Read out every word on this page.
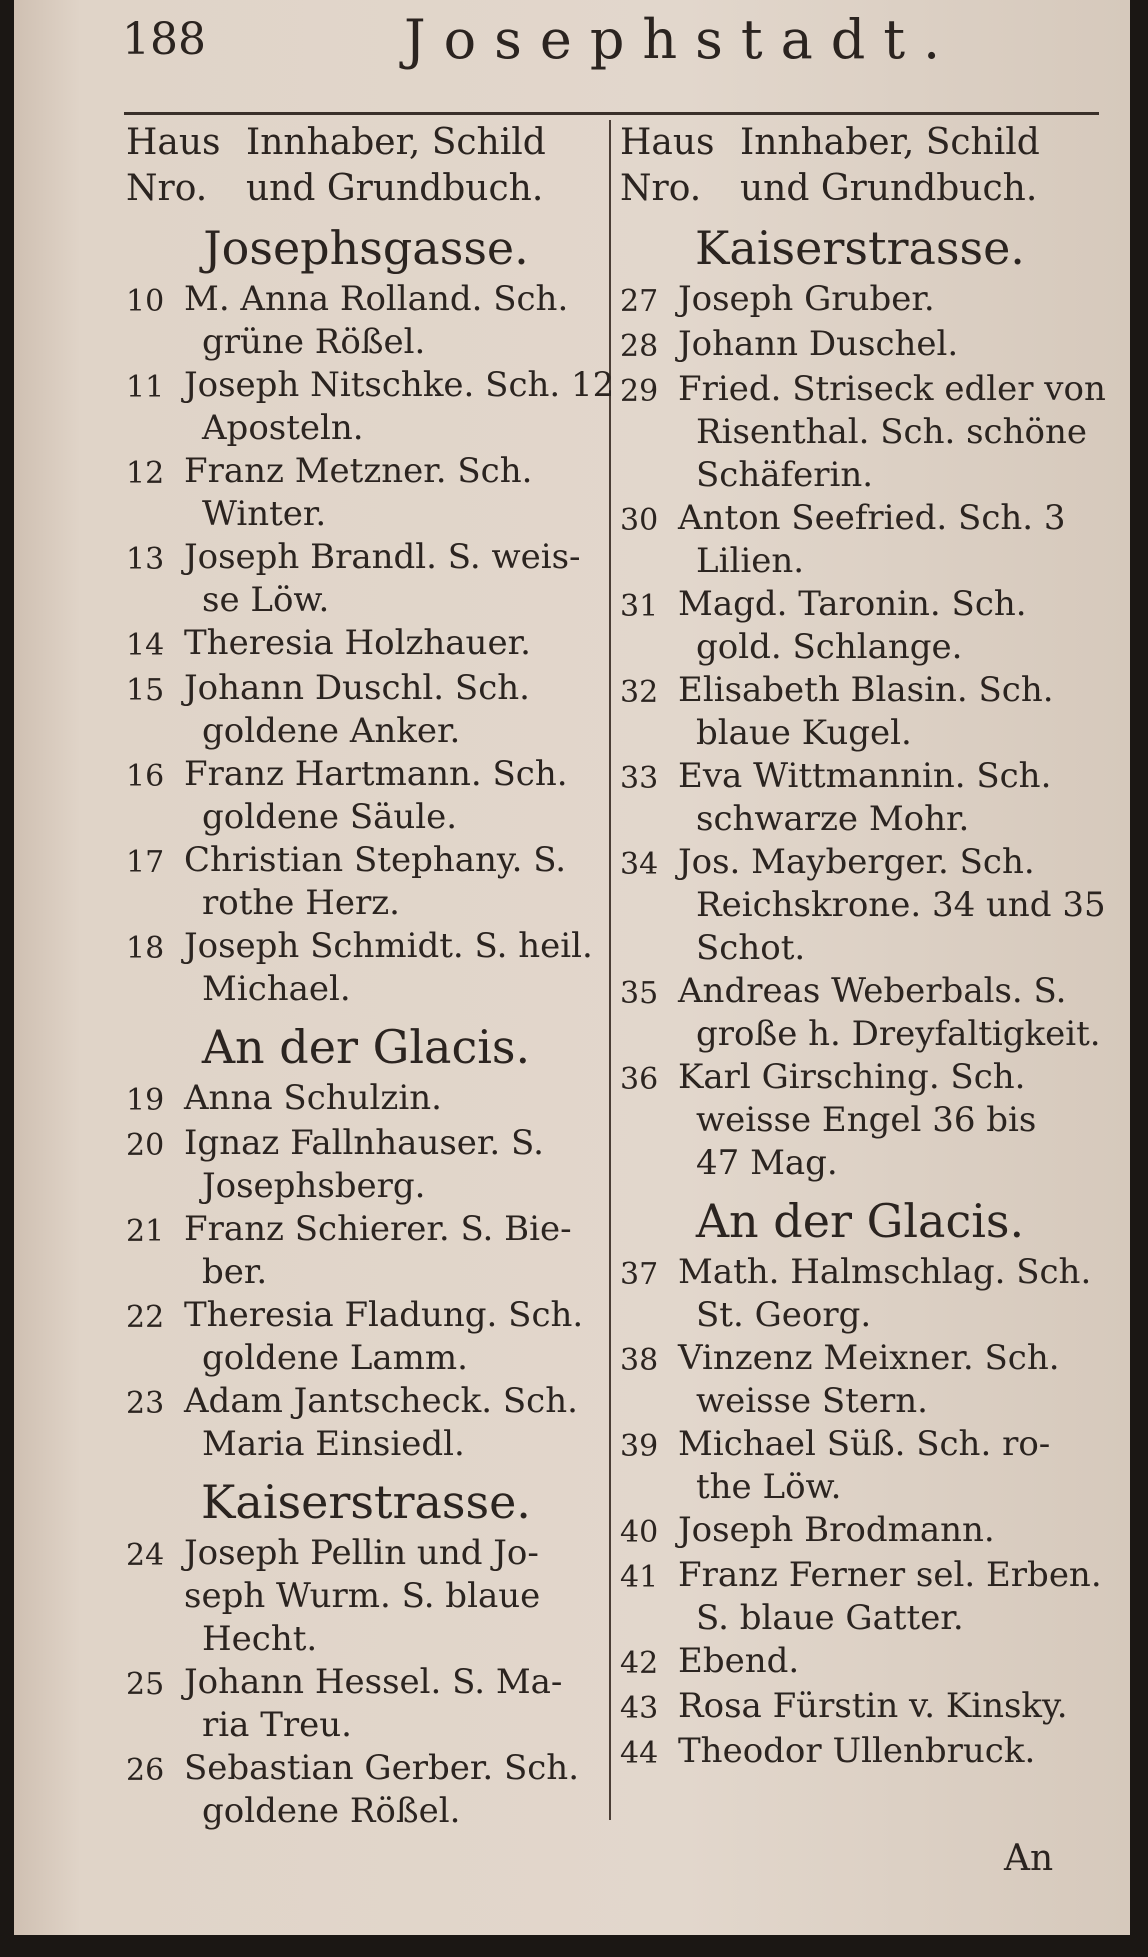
188	Josephstadt.
Haus
Nro.
Innhaber, Schild
und Grundbuch.
Josephsgasse.
10 M. Anna Rolland. Sch.
grüne Rößel.
11 Joseph Nitschke. Sch. 12
Aposteln.
12 Franz Metzner. Sch.
Winter.
13 Joseph Brandl. S. weis-
se Löw.
14 Theresia Holzhauer.
15 Johann Duschl. Sch.
goldene Anker.
16 Franz Hartmann. Sch.
goldene Säule.
17 Christian Stephany. S.
rothe Herz.
18 Joseph Schmidt. S. heil.
Michael.
An der Glacis.
19 Anna Schulzin.
20 Ignaz Fallnhauser. S.
Josephsberg.
21 Franz Schierer. S. Bie-
ber.
22 Theresia Fladung. Sch.
goldene Lamm.
23 Adam Jantscheck. Sch.
Maria Einsiedl.
Kaiserstrasse.
24 Joseph Pellin und Jo-
seph Wurm. S. blaue
Hecht.
25 Johann Hessel. S. Ma-
ria Treu.
26 Sebastian Gerber. Sch.
goldene Rößel.
Haus
Nro.
Innhaber, Schild
und Grundbuch.
Kaiserstrasse.
27 Joseph Gruber.
28 Johann Duschel.
29 Fried. Striseck edler von
Risenthal. Sch. schöne
Schäferin.
30 Anton Seefried. Sch. 3
Lilien.
31 Magd. Taronin. Sch.
gold. Schlange.
32 Elisabeth Blasin. Sch.
blaue Kugel.
33 Eva Wittmannin. Sch.
schwarze Mohr.
34 Jos. Mayberger. Sch.
Reichskrone. 34 und 35
Schot.
35 Andreas Weberbals. S.
große h. Dreyfaltigkeit.
36 Karl Girsching. Sch.
weisse Engel 36 bis
47 Mag.
An der Glacis.
37 Math. Halmschlag. Sch.
St. Georg.
38 Vinzenz Meixner. Sch.
weisse Stern.
39 Michael Süß. Sch. ro-
the Löw.
40 Joseph Brodmann.
41 Franz Ferner sel. Erben.
S. blaue Gatter.
42 Ebend.
43 Rosa Fürstin v. Kinsky.
44 Theodor Ullenbruck.
An
